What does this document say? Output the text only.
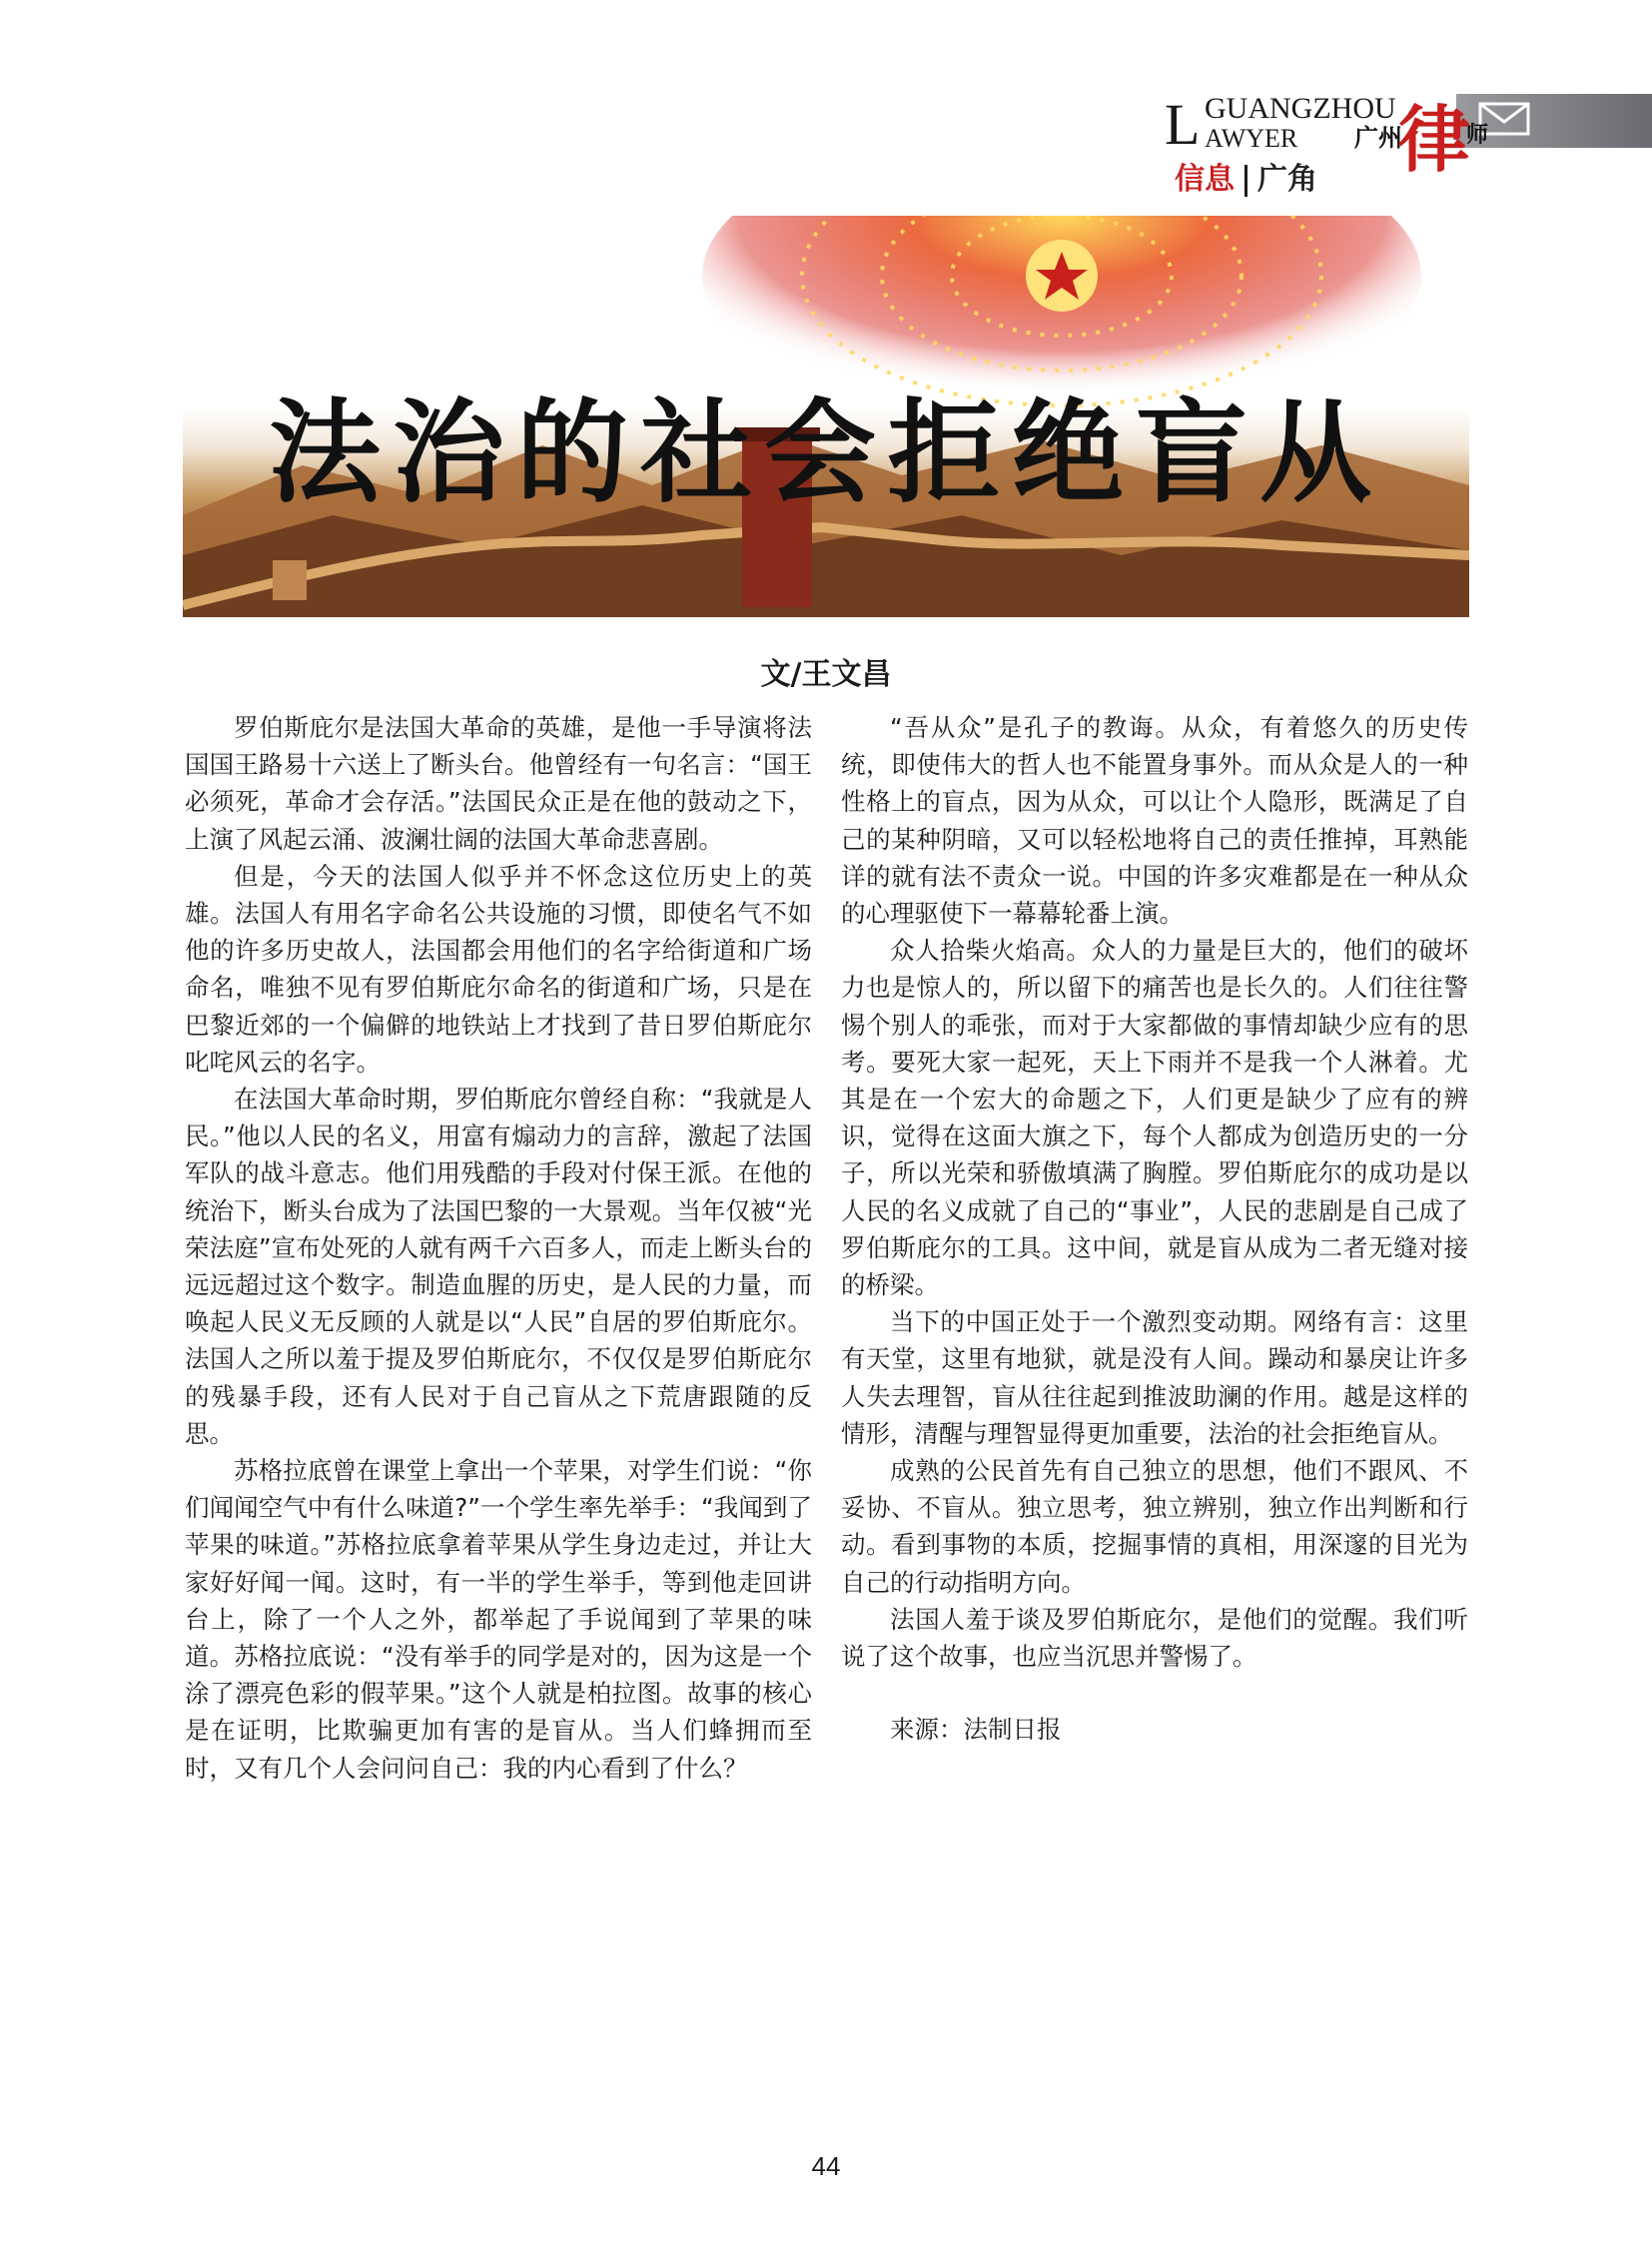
L GUANGZHOU
AWYER	广州
律
师
信息 广角
法治的社会拒绝盲从
文/王文昌

罗伯斯庇尔是法国大革命的英雄，是他一手导演将法国国王路易十六送上了断头台。他曾经有一句名言：“国王必须死，革命才会存活。”法国民众正是在他的鼓动之下，上演了风起云涌、波澜壮阔的法国大革命悲喜剧。

但是，今天的法国人似乎并不怀念这位历史上的英雄。法国人有用名字命名公共设施的习惯，即使名气不如他的许多历史故人，法国都会用他们的名字给街道和广场命名，唯独不见有罗伯斯庇尔命名的街道和广场，只是在巴黎近郊的一个偏僻的地铁站上才找到了昔日罗伯斯庇尔叱咤风云的名字。

在法国大革命时期，罗伯斯庇尔曾经自称：“我就是人民。”他以人民的名义，用富有煽动力的言辞，激起了法国军队的战斗意志。他们用残酷的手段对付保王派。在他的统治下，断头台成为了法国巴黎的一大景观。当年仅被“光荣法庭”宣布处死的人就有两千六百多人，而走上断头台的远远超过这个数字。制造血腥的历史，是人民的力量，而唤起人民义无反顾的人就是以“人民”自居的罗伯斯庇尔。法国人之所以羞于提及罗伯斯庇尔，不仅仅是罗伯斯庇尔的残暴手段，还有人民对于自己盲从之下荒唐跟随的反思。

苏格拉底曾在课堂上拿出一个苹果，对学生们说：“你们闻闻空气中有什么味道?”一个学生率先举手：“我闻到了苹果的味道。”苏格拉底拿着苹果从学生身边走过，并让大家好好闻一闻。这时，有一半的学生举手，等到他走回讲台上，除了一个人之外，都举起了手说闻到了苹果的味道。苏格拉底说：“没有举手的同学是对的，因为这是一个涂了漂亮色彩的假苹果。”这个人就是柏拉图。故事的核心是在证明，比欺骗更加有害的是盲从。当人们蜂拥而至时，又有几个人会问问自己：我的内心看到了什么？

“吾从众”是孔子的教诲。从众，有着悠久的历史传统，即使伟大的哲人也不能置身事外。而从众是人的一种性格上的盲点，因为从众，可以让个人隐形，既满足了自己的某种阴暗，又可以轻松地将自己的责任推掉，耳熟能详的就有法不责众一说。中国的许多灾难都是在一种从众的心理驱使下一幕幕轮番上演。

众人拾柴火焰高。众人的力量是巨大的，他们的破坏力也是惊人的，所以留下的痛苦也是长久的。人们往往警惕个别人的乖张，而对于大家都做的事情却缺少应有的思考。要死大家一起死，天上下雨并不是我一个人淋着。尤其是在一个宏大的命题之下，人们更是缺少了应有的辨识，觉得在这面大旗之下，每个人都成为创造历史的一分子，所以光荣和骄傲填满了胸膛。罗伯斯庇尔的成功是以人民的名义成就了自己的“事业”，人民的悲剧是自己成了罗伯斯庇尔的工具。这中间，就是盲从成为二者无缝对接的桥梁。

当下的中国正处于一个激烈变动期。网络有言：这里有天堂，这里有地狱，就是没有人间。躁动和暴戾让许多人失去理智，盲从往往起到推波助澜的作用。越是这样的情形，清醒与理智显得更加重要，法治的社会拒绝盲从。

成熟的公民首先有自己独立的思想，他们不跟风、不妥协、不盲从。独立思考，独立辨别，独立作出判断和行动。看到事物的本质，挖掘事情的真相，用深邃的目光为自己的行动指明方向。

法国人羞于谈及罗伯斯庇尔，是他们的觉醒。我们听说了这个故事，也应当沉思并警惕了。

来源：法制日报

44
